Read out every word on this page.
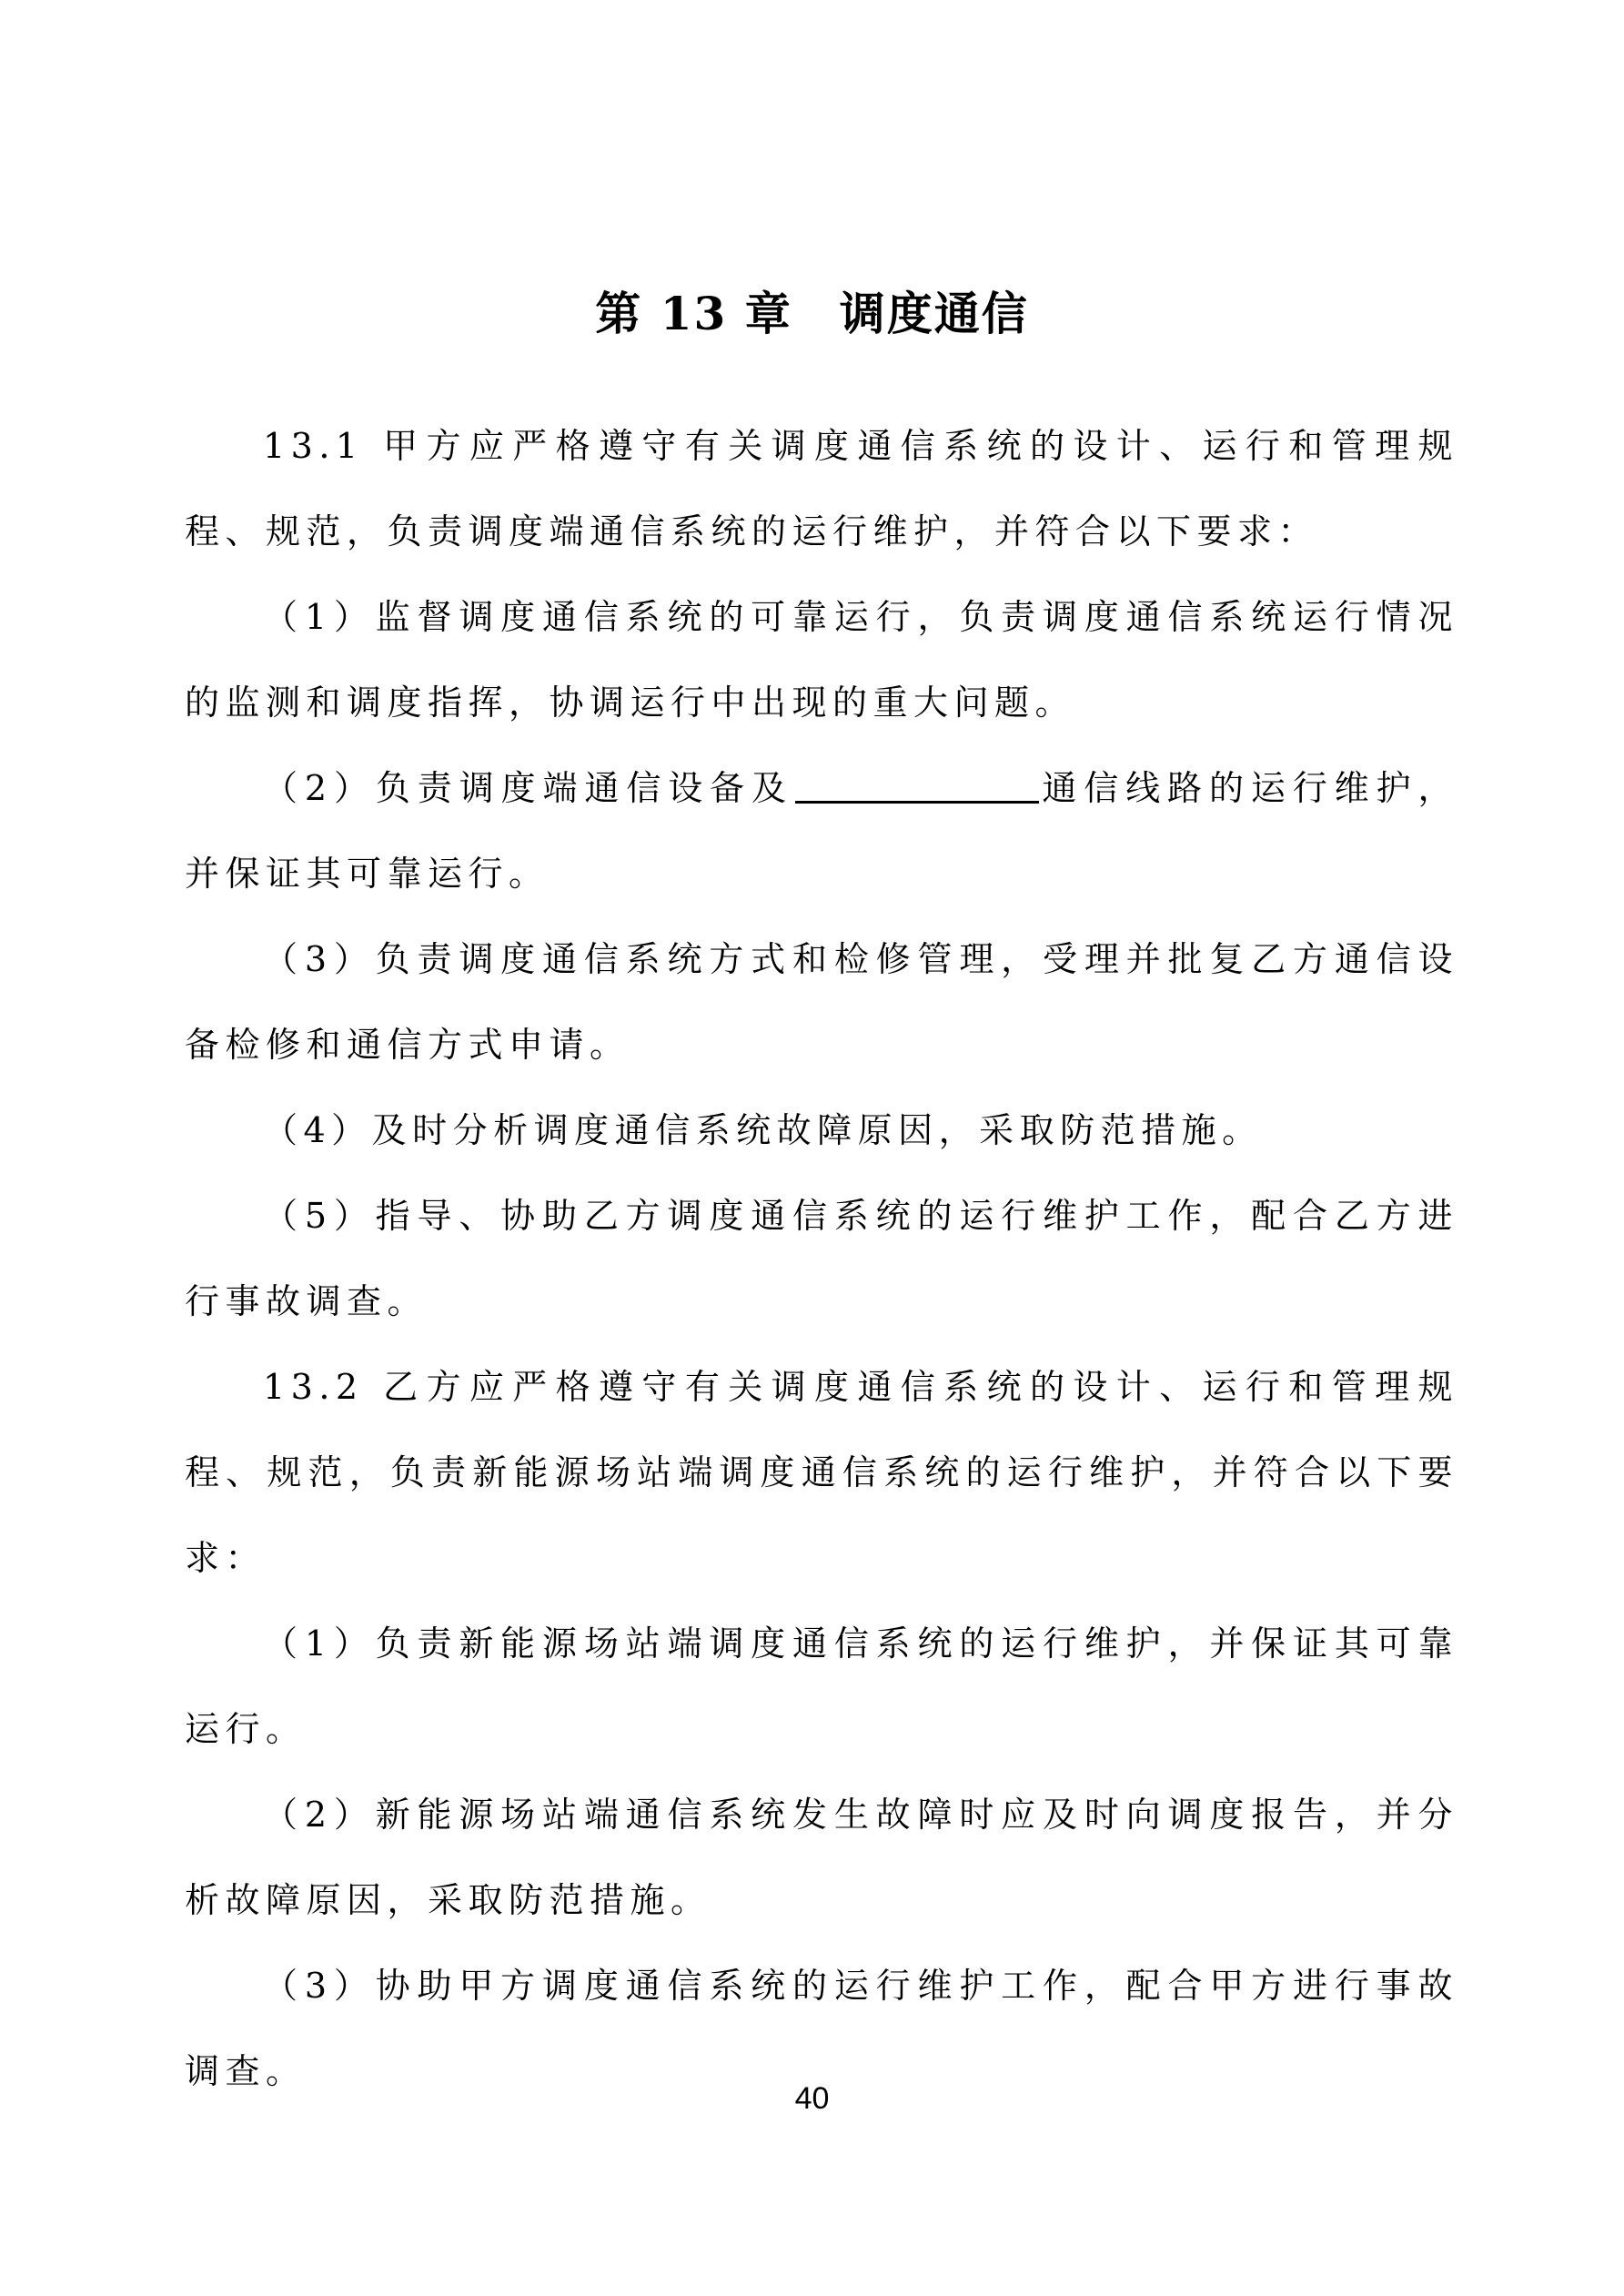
第 13 章　调度通信

13.1 甲方应严格遵守有关调度通信系统的设计、运行和管理规程、规范，负责调度端通信系统的运行维护，并符合以下要求：

（1）监督调度通信系统的可靠运行，负责调度通信系统运行情况的监测和调度指挥，协调运行中出现的重大问题。

（2）负责调度端通信设备及	通信线路的运行维护，并保证其可靠运行。

（3）负责调度通信系统方式和检修管理，受理并批复乙方通信设备检修和通信方式申请。

（4）及时分析调度通信系统故障原因，采取防范措施。

（5）指导、协助乙方调度通信系统的运行维护工作，配合乙方进行事故调查。

13.2 乙方应严格遵守有关调度通信系统的设计、运行和管理规程、规范，负责新能源场站端调度通信系统的运行维护，并符合以下要求：

（1）负责新能源场站端调度通信系统的运行维护，并保证其可靠运行。

（2）新能源场站端通信系统发生故障时应及时向调度报告，并分析故障原因，采取防范措施。

（3）协助甲方调度通信系统的运行维护工作，配合甲方进行事故调查。

40
